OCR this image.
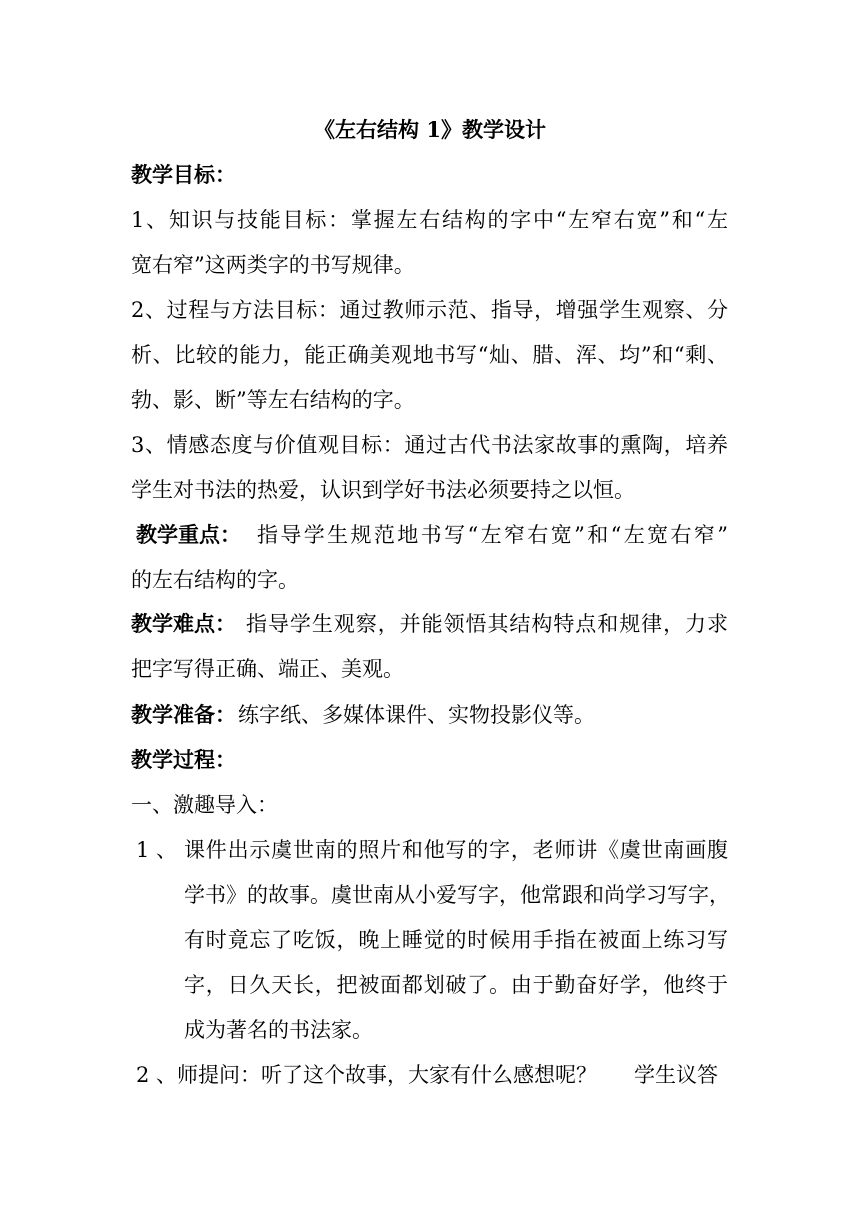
《左右结构 1》教学设计
教学目标：
1、知识与技能目标：掌握左右结构的字中“左窄右宽”和“左
宽右窄”这两类字的书写规律。
2、过程与方法目标：通过教师示范、指导，增强学生观察、分
析、比较的能力，能正确美观地书写“灿、腊、浑、均”和“剩、
勃、影、断”等左右结构的字。
3、情感态度与价值观目标：通过古代书法家故事的熏陶，培养
学生对书法的热爱，认识到学好书法必须要持之以恒。
教学重点： 指导学生规范地书写“左窄右宽”和“左宽右窄”
的左右结构的字。
教学难点： 指导学生观察，并能领悟其结构特点和规律，力求
把字写得正确、端正、美观。
教学准备： 练字纸、多媒体课件、实物投影仪等。
教学过程：
一、激趣导入：
1 、 课件出示虞世南的照片和他写的字，老师讲《虞世南画腹
学书》的故事。虞世南从小爱写字，他常跟和尚学习写字，
有时竟忘了吃饭，晚上睡觉的时候用手指在被面上练习写
字，日久天长，把被面都划破了。由于勤奋好学，他终于
成为著名的书法家。
2 、师提问：听了这个故事，大家有什么感想呢？ 学生议答
